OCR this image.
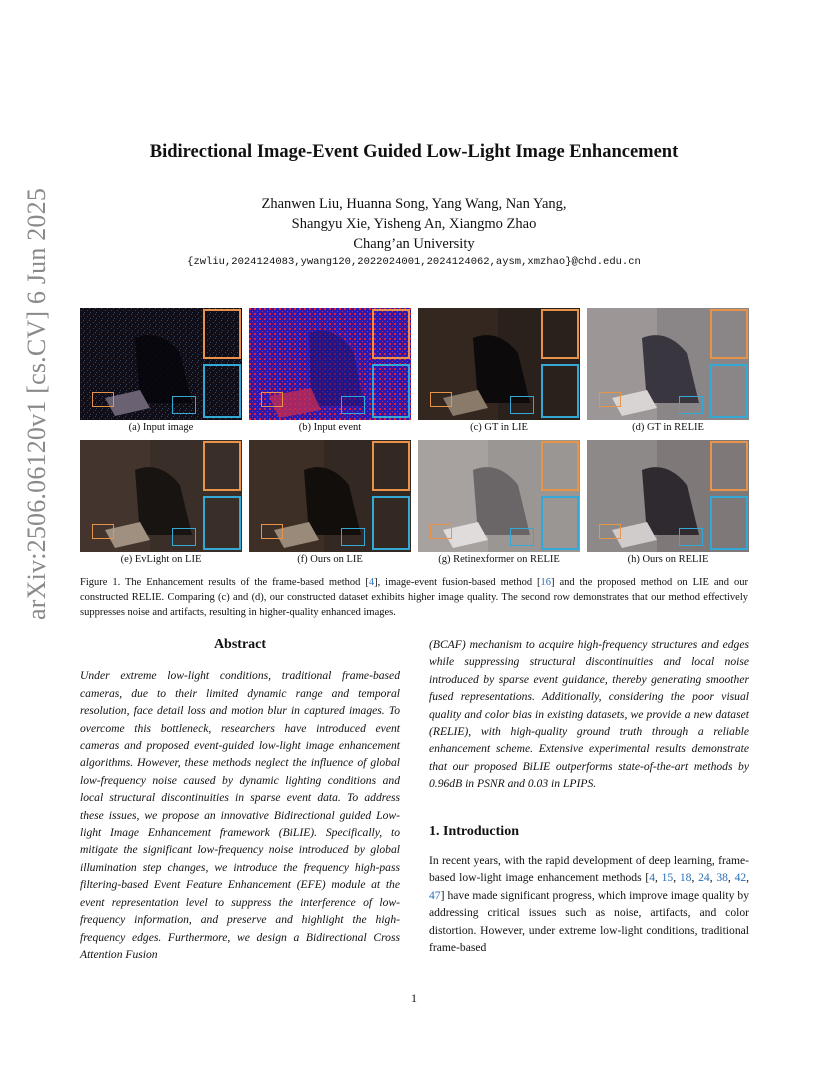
arXiv:2506.06120v1 [cs.CV] 6 Jun 2025
Bidirectional Image-Event Guided Low-Light Image Enhancement
Zhanwen Liu, Huanna Song, Yang Wang, Nan Yang,
Shangyu Xie, Yisheng An, Xiangmo Zhao
Chang’an University
{zwliu,2024124083,ywang120,2022024001,2024124062,aysm,xmzhao}@chd.edu.cn
(a) Input image	(b) Input event	(c) GT in LIE	(d) GT in RELIE
(e) EvLight on LIE	(f) Ours on LIE	(g) Retinexformer on RELIE	(h) Ours on RELIE
Figure 1. The Enhancement results of the frame-based method [4], image-event fusion-based method [16] and the proposed method on LIE and our constructed RELIE. Comparing (c) and (d), our constructed dataset exhibits higher image quality. The second row demonstrates that our method effectively suppresses noise and artifacts, resulting in higher-quality enhanced images.
Abstract
Under extreme low-light conditions, traditional frame-based cameras, due to their limited dynamic range and temporal resolution, face detail loss and motion blur in captured images. To overcome this bottleneck, researchers have introduced event cameras and proposed event-guided low-light image enhancement algorithms. However, these methods neglect the influence of global low-frequency noise caused by dynamic lighting conditions and local structural discontinuities in sparse event data. To address these issues, we propose an innovative Bidirectional guided Low-light Image Enhancement framework (BiLIE). Specifically, to mitigate the significant low-frequency noise introduced by global illumination step changes, we introduce the frequency high-pass filtering-based Event Feature Enhancement (EFE) module at the event representation level to suppress the interference of low-frequency information, and preserve and highlight the high-frequency edges. Furthermore, we design a Bidirectional Cross Attention Fusion
(BCAF) mechanism to acquire high-frequency structures and edges while suppressing structural discontinuities and local noise introduced by sparse event guidance, thereby generating smoother fused representations. Additionally, considering the poor visual quality and color bias in existing datasets, we provide a new dataset (RELIE), with high-quality ground truth through a reliable enhancement scheme. Extensive experimental results demonstrate that our proposed BiLIE outperforms state-of-the-art methods by 0.96dB in PSNR and 0.03 in LPIPS.
1. Introduction
In recent years, with the rapid development of deep learning, frame-based low-light image enhancement methods [4, 15, 18, 24, 38, 42, 47] have made significant progress, which improve image quality by addressing critical issues such as noise, artifacts, and color distortion. However, under extreme low-light conditions, traditional frame-based
1
